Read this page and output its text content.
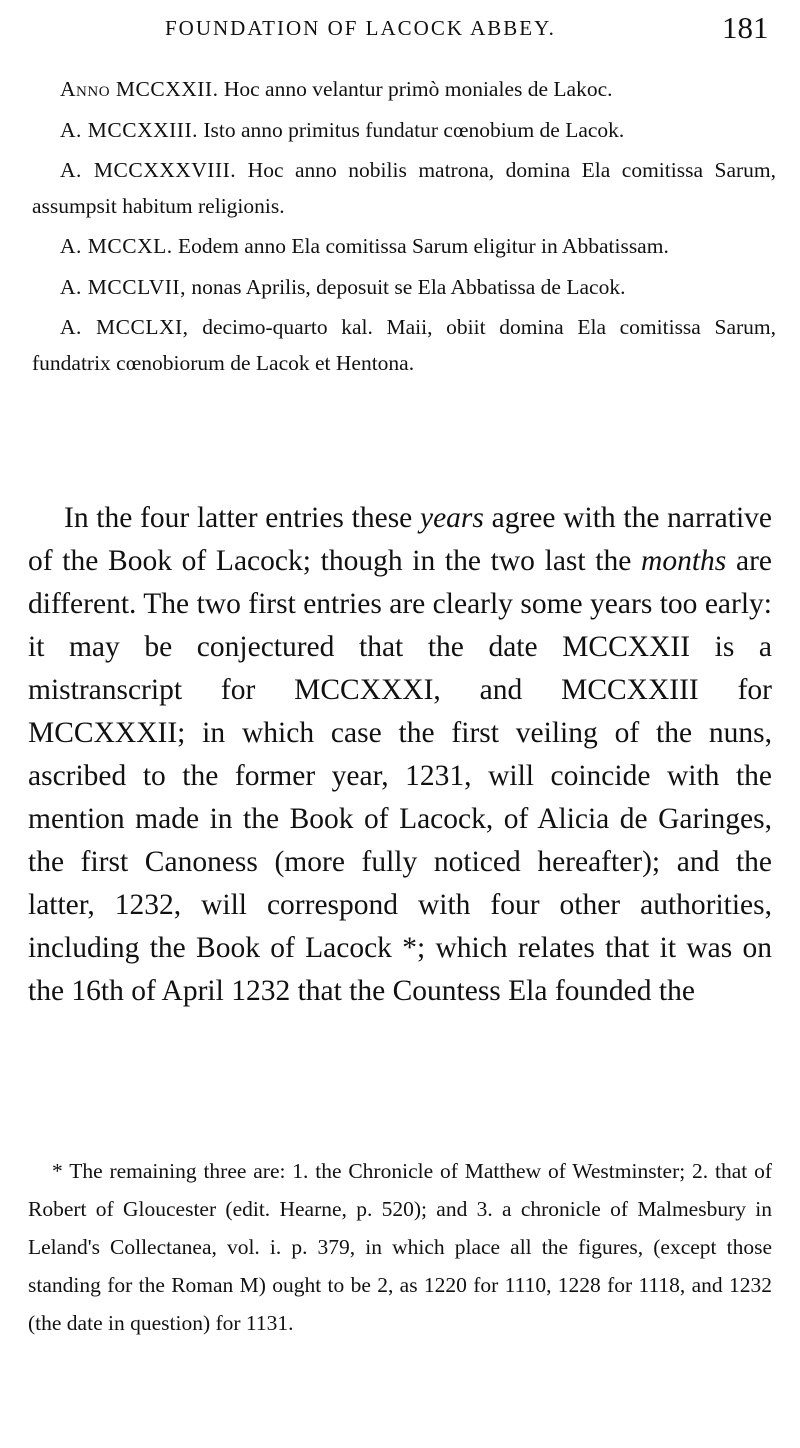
FOUNDATION OF LACOCK ABBEY.	181

Anno MCCXXII. Hoc anno velantur primò moniales de Lakoc.

A. MCCXXIII. Isto anno primitus fundatur cœnobium de Lacok.

A. MCCXXXVIII. Hoc anno nobilis matrona, domina Ela comitissa Sarum, assumpsit habitum religionis.

A. MCCXL. Eodem anno Ela comitissa Sarum eligitur in Abbatissam.

A. MCCLVII, nonas Aprilis, deposuit se Ela Abbatissa de Lacok.

A. MCCLXI, decimo-quarto kal. Maii, obiit domina Ela comitissa Sarum, fundatrix cœnobiorum de Lacok et Hentona.

In the four latter entries these years agree with the narrative of the Book of Lacock; though in the two last the months are different. The two first entries are clearly some years too early: it may be conjectured that the date MCCXXII is a mistranscript for MCCXXXI, and MCCXXIII for MCCXXXII; in which case the first veiling of the nuns, ascribed to the former year, 1231, will coincide with the mention made in the Book of Lacock, of Alicia de Garinges, the first Canoness (more fully noticed hereafter); and the latter, 1232, will correspond with four other authorities, including the Book of Lacock *; which relates that it was on the 16th of April 1232 that the Countess Ela founded the

* The remaining three are: 1. the Chronicle of Matthew of Westminster; 2. that of Robert of Gloucester (edit. Hearne, p. 520); and 3. a chronicle of Malmesbury in Leland's Collectanea, vol. i. p. 379, in which place all the figures, (except those standing for the Roman M) ought to be 2, as 1220 for 1110, 1228 for 1118, and 1232 (the date in question) for 1131.
